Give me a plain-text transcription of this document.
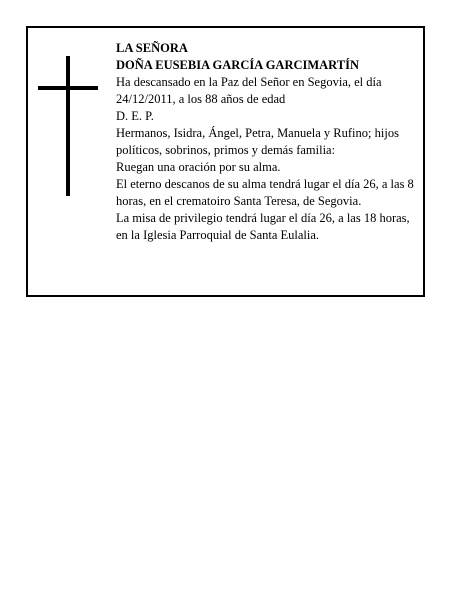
LA SEÑORA

DOÑA EUSEBIA GARCÍA GARCIMARTÍN

Ha descansado en la Paz del Señor en Segovia, el día 24/12/2011, a los 88 años de edad

D. E. P.

Hermanos, Isidra, Ángel, Petra, Manuela y Rufino; hijos políticos, sobrinos, primos y demás familia:

Ruegan una oración por su alma.

El eterno descanos de su alma tendrá lugar el día 26, a las 8 horas, en el crematoiro Santa Teresa, de Segovia.

La misa de privilegio tendrá lugar el día 26, a las 18 horas, en la Iglesia Parroquial de Santa Eulalia.
